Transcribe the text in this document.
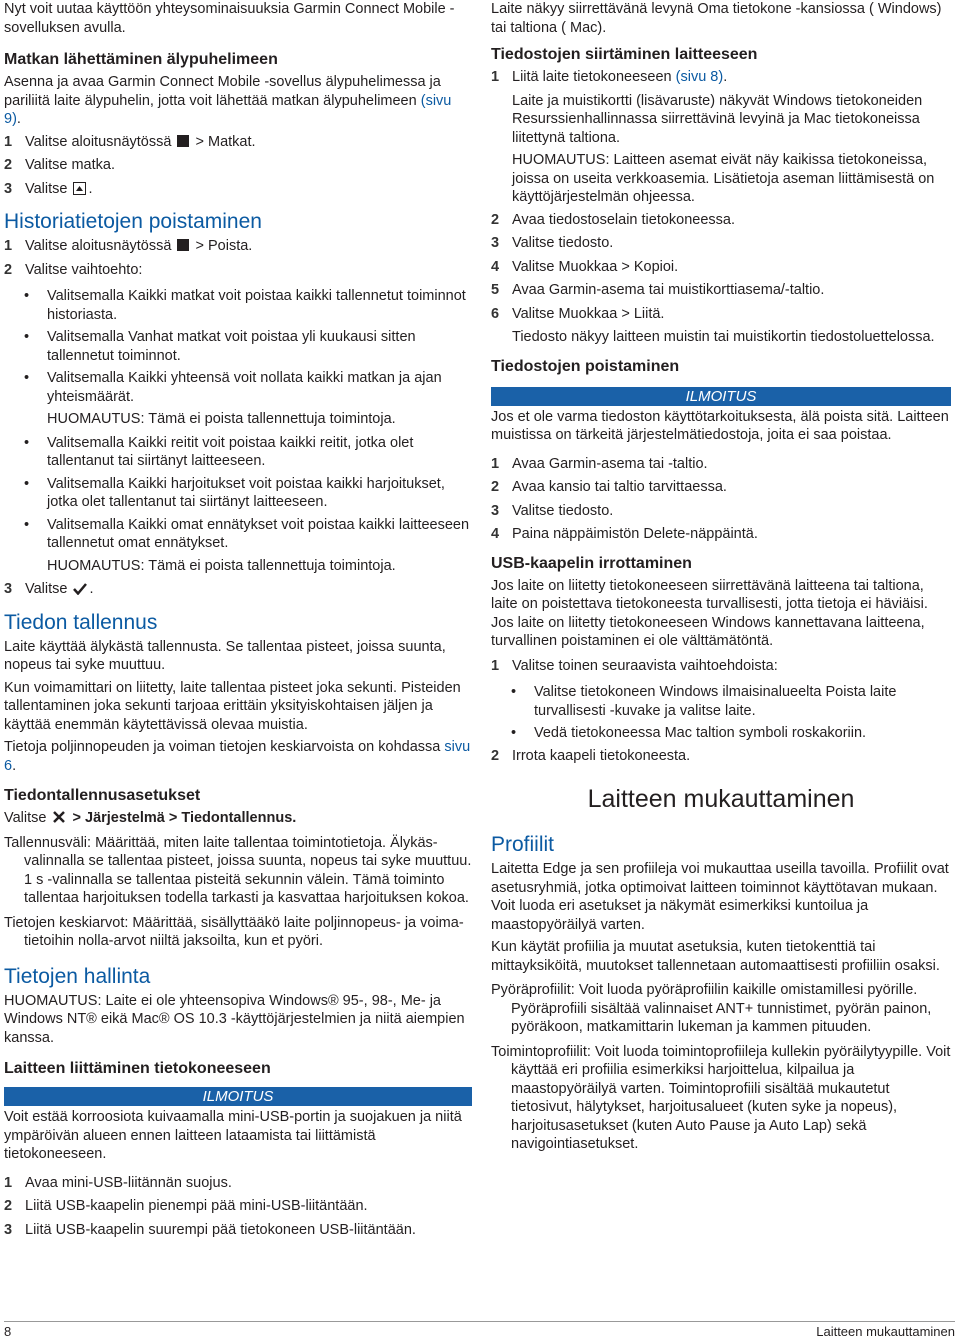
Nyt voit uutaa käyttöön yhteysominaisuuksia Garmin Connect Mobile -sovelluksen avulla.

Matkan lähettäminen älypuhelimeen

Asenna ja avaa Garmin Connect Mobile -sovellus älypuhelimessa ja pariliitä laite älypuhelin, jotta voit lähettää matkan älypuhelimeen (sivu 9).

1 Valitse aloitusnäytössä > Matkat.
2 Valitse matka.
3 Valitse .
Historiatietojen poistaminen
1 Valitse aloitusnäytössä > Poista.
2 Valitse vaihtoehto:
• Valitsemalla Kaikki matkat voit poistaa kaikki tallennetut toiminnot historiasta.
• Valitsemalla Vanhat matkat voit poistaa yli kuukausi sitten tallennetut toiminnot.
• Valitsemalla Kaikki yhteensä voit nollata kaikki matkan ja ajan yhteismäärät.

HUOMAUTUS: Tämä ei poista tallennettuja toimintoja.

• Valitsemalla Kaikki reitit voit poistaa kaikki reitit, jotka olet tallentanut tai siirtänyt laitteeseen.
• Valitsemalla Kaikki harjoitukset voit poistaa kaikki harjoitukset, jotka olet tallentanut tai siirtänyt laitteeseen.
• Valitsemalla Kaikki omat ennätykset voit poistaa kaikki laitteeseen tallennetut omat ennätykset.

HUOMAUTUS: Tämä ei poista tallennettuja toimintoja.

3 Valitse .
Tiedon tallennus

Laite käyttää älykästä tallennusta. Se tallentaa pisteet, joissa suunta, nopeus tai syke muuttuu.

Kun voimamittari on liitetty, laite tallentaa pisteet joka sekunti. Pisteiden tallentaminen joka sekunti tarjoaa erittäin yksityiskohtaisen jäljen ja käyttää enemmän käytettävissä olevaa muistia.

Tietoja poljinnopeuden ja voiman tietojen keskiarvoista on kohdassa sivu 6.

Tiedontallennusasetukset

Valitse > Järjestelmä > Tiedontallennus.

Tallennusväli: Määrittää, miten laite tallentaa toimintotietoja. Älykäs-valinnalla se tallentaa pisteet, joissa suunta, nopeus tai syke muuttuu. 1 s -valinnalla se tallentaa pisteitä sekunnin välein. Tämä toiminto tallentaa harjoituksen todella tarkasti ja kasvattaa harjoituksen kokoa.

Tietojen keskiarvot: Määrittää, sisällyttääkö laite poljinnopeus- ja voima-tietoihin nolla-arvot niiltä jaksoilta, kun et pyöri.

Tietojen hallinta

HUOMAUTUS: Laite ei ole yhteensopiva Windows® 95-, 98-, Me- ja Windows NT® eikä Mac® OS 10.3 -käyttöjärjestelmien ja niitä aiempien kanssa.

Laitteen liittäminen tietokoneeseen
ILMOITUS

Voit estää korroosiota kuivaamalla mini-USB-portin ja suojakuen ja niitä ympäröivän alueen ennen laitteen lataamista tai liittämistä tietokoneeseen.

1 Avaa mini-USB-liitännän suojus.
2 Liitä USB-kaapelin pienempi pää mini-USB-liitäntään.
3 Liitä USB-kaapelin suurempi pää tietokoneen USB-liitäntään.

Laite näkyy siirrettävänä levynä Oma tietokone -kansiossa ( Windows) tai taltiona ( Mac).

Tiedostojen siirtäminen laitteeseen
1 Liitä laite tietokoneeseen (sivu 8).

Laite ja muistikortti (lisävaruste) näkyvät Windows tietokoneiden Resurssienhallinnassa siirrettävinä levyinä ja Mac tietokoneissa liitettynä taltiona.

HUOMAUTUS: Laitteen asemat eivät näy kaikissa tietokoneissa, joissa on useita verkkoasemia. Lisätietoja aseman liittämisestä on käyttöjärjestelmän ohjeessa.

2 Avaa tiedostoselain tietokoneessa.
3 Valitse tiedosto.
4 Valitse Muokkaa > Kopioi.
5 Avaa Garmin-asema tai muistikorttiasema/-taltio.
6 Valitse Muokkaa > Liitä.

Tiedosto näkyy laitteen muistin tai muistikortin tiedostoluettelossa.

Tiedostojen poistaminen
ILMOITUS

Jos et ole varma tiedoston käyttötarkoituksesta, älä poista sitä. Laitteen muistissa on tärkeitä järjestelmätiedostoja, joita ei saa poistaa.

1 Avaa Garmin-asema tai -taltio.
2 Avaa kansio tai taltio tarvittaessa.
3 Valitse tiedosto.
4 Paina näppäimistön Delete-näppäintä.
USB-kaapelin irrottaminen

Jos laite on liitetty tietokoneeseen siirrettävänä laitteena tai taltiona, laite on poistettava tietokoneesta turvallisesti, jotta tietoja ei häviäisi. Jos laite on liitetty tietokoneeseen Windows kannettavana laitteena, turvallinen poistaminen ei ole välttämätöntä.

1 Valitse toinen seuraavista vaihtoehdoista:
• Valitse tietokoneen Windows ilmaisinalueelta Poista laite turvallisesti -kuvake ja valitse laite.
• Vedä tietokoneessa Mac taltion symboli roskakoriin.
2 Irrota kaapeli tietokoneesta.
Laitteen mukauttaminen
Profiilit

Laitetta Edge ja sen profiileja voi mukauttaa useilla tavoilla. Profiilit ovat asetusryhmiä, jotka optimoivat laitteen toiminnot käyttötavan mukaan. Voit luoda eri asetukset ja näkymät esimerkiksi kuntoilua ja maastopyöräilyä varten.

Kun käytät profiilia ja muutat asetuksia, kuten tietokenttiä tai mittayksiköitä, muutokset tallennetaan automaattisesti profiiliin osaksi.

Pyöräprofiilit: Voit luoda pyöräprofiilin kaikille omistamillesi pyörille. Pyöräprofiili sisältää valinnaiset ANT+ tunnistimet, pyörän painon, pyöräkoon, matkamittarin lukeman ja kammen pituuden.

Toimintoprofiilit: Voit luoda toimintoprofiileja kullekin pyöräilytyypille. Voit käyttää eri profiilia esimerkiksi harjoittelua, kilpailua ja maastopyöräilyä varten. Toimintoprofiili sisältää mukautetut tietosivut, hälytykset, harjoitusalueet (kuten syke ja nopeus), harjoitusasetukset (kuten Auto Pause ja Auto Lap) sekä navigointiasetukset.

8	Laitteen mukauttaminen
